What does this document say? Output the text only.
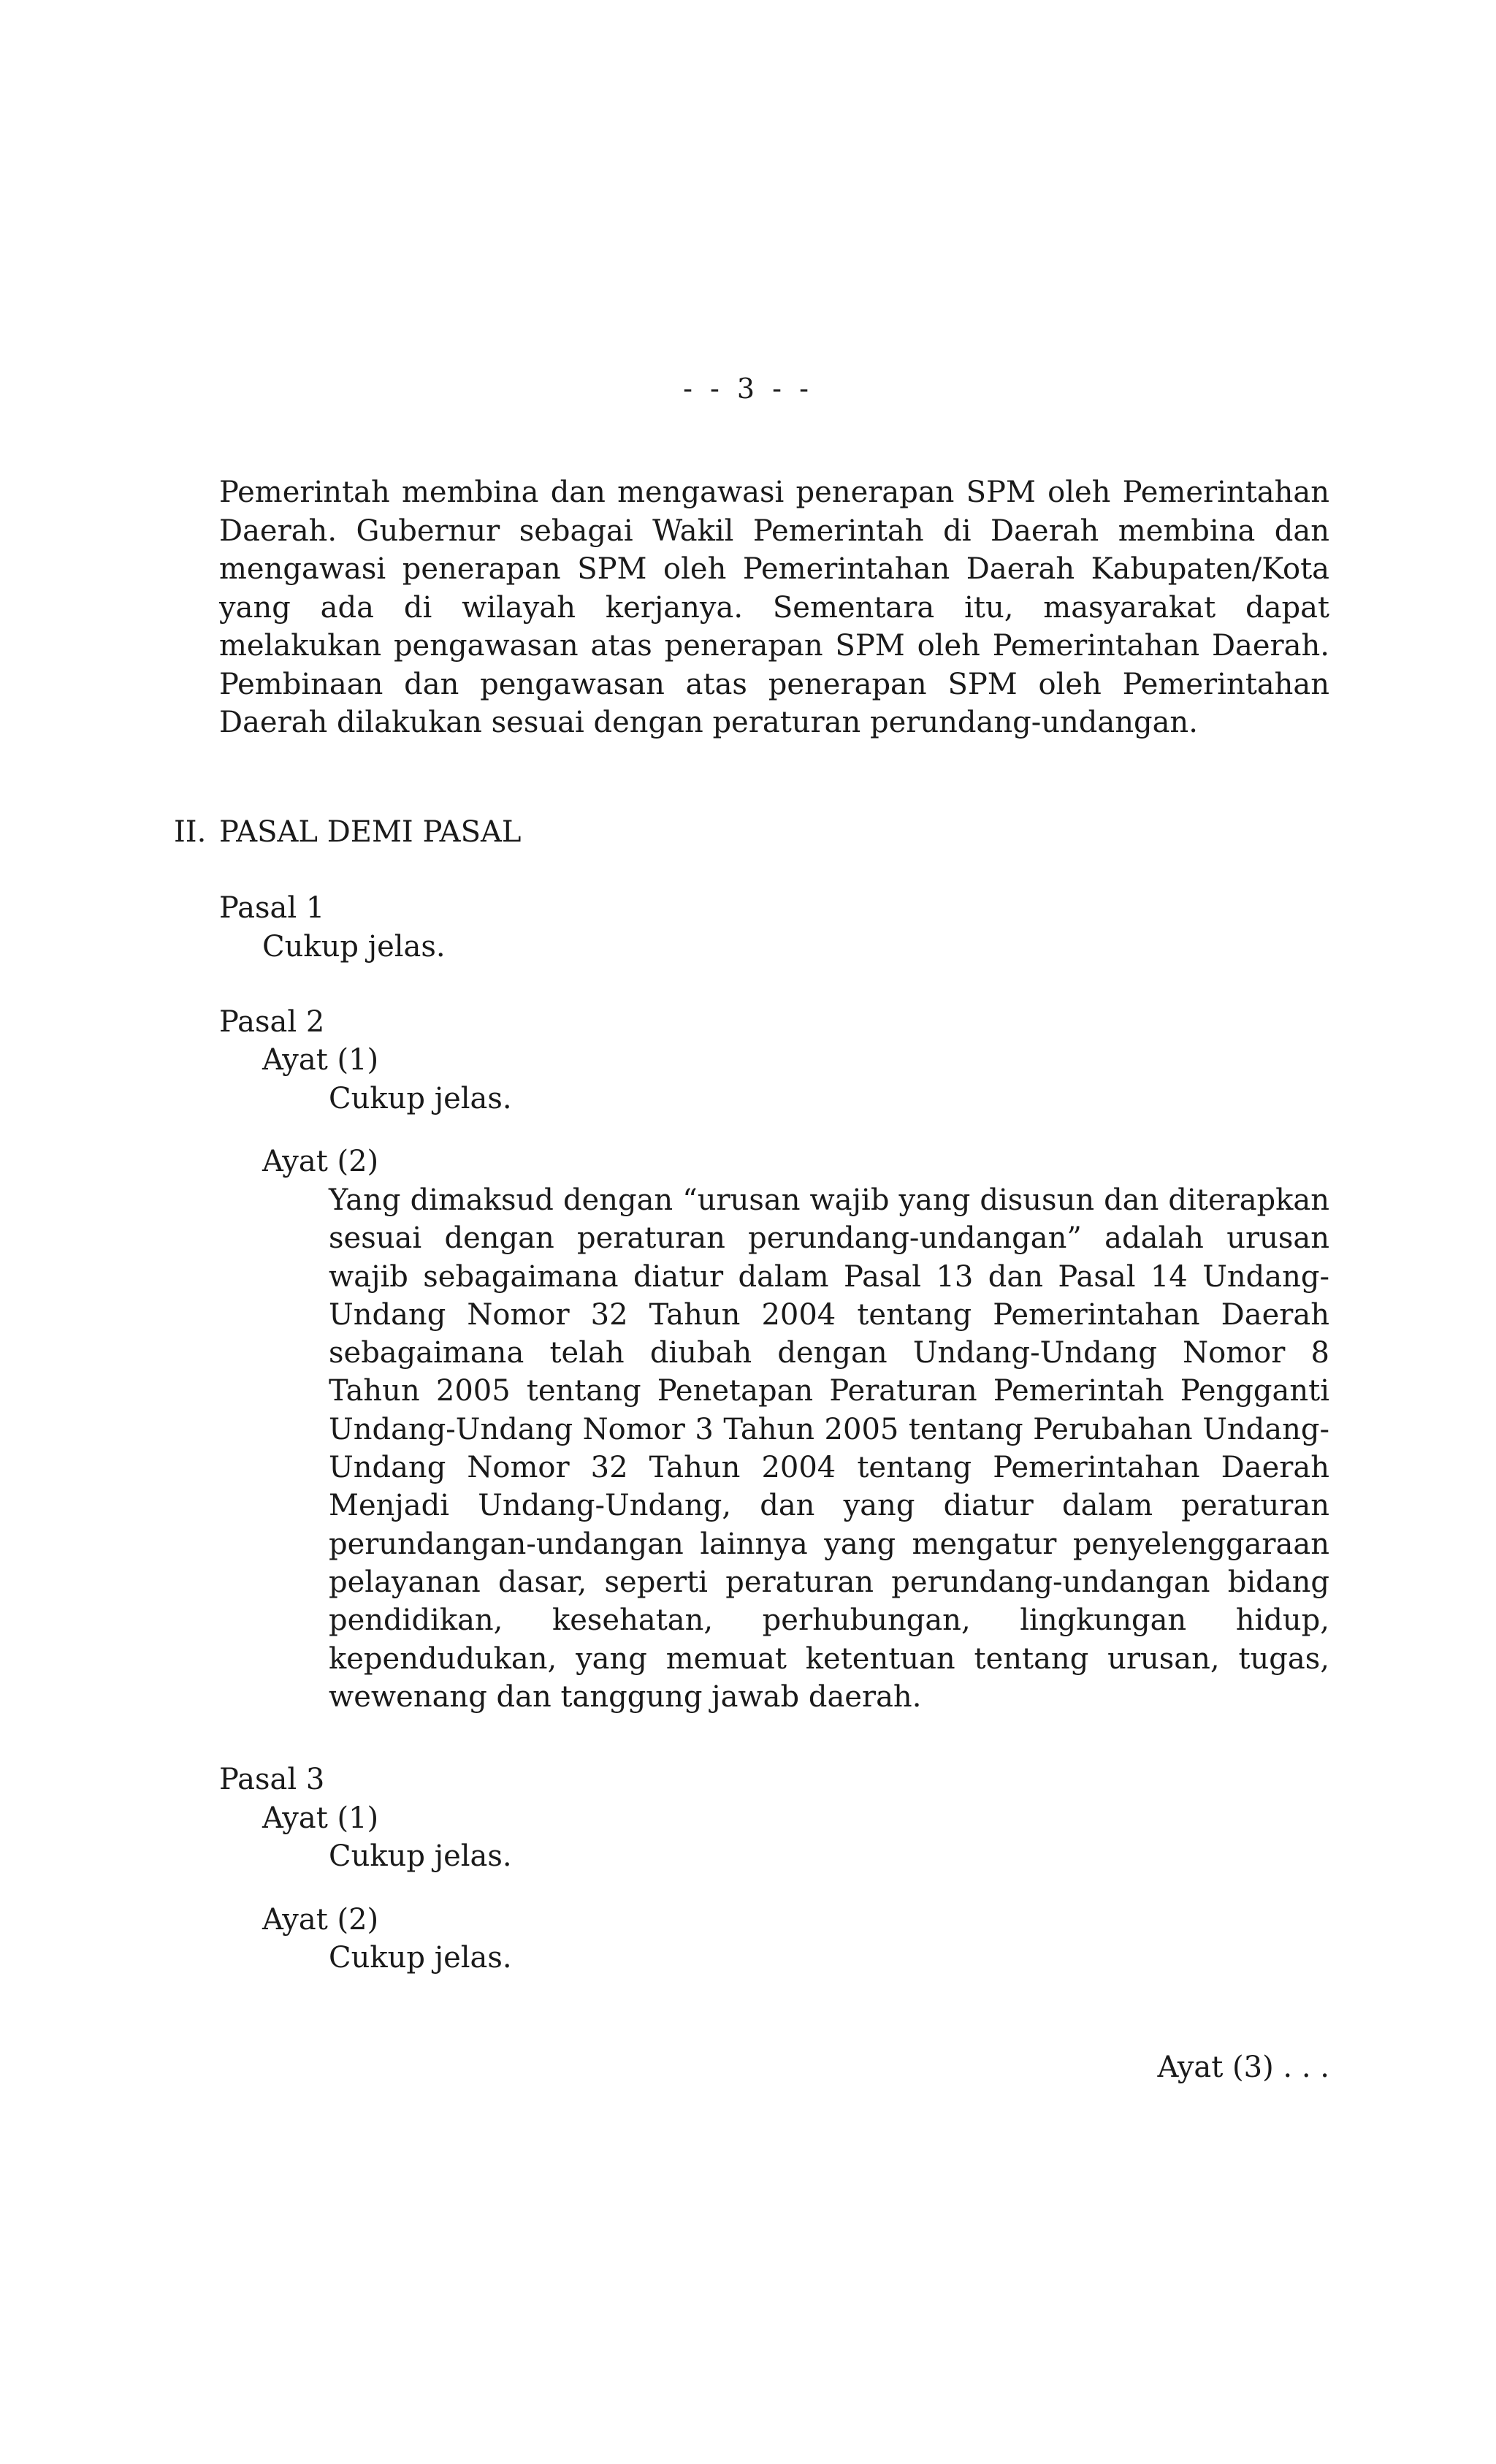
- - 3 - -

Pemerintah membina dan mengawasi penerapan SPM oleh Pemerintahan Daerah. Gubernur sebagai Wakil Pemerintah di Daerah membina dan mengawasi penerapan SPM oleh Pemerintahan Daerah Kabupaten/Kota yang ada di wilayah kerjanya. Sementara itu, masyarakat dapat melakukan pengawasan atas penerapan SPM oleh Pemerintahan Daerah. Pembinaan dan pengawasan atas penerapan SPM oleh Pemerintahan Daerah dilakukan sesuai dengan peraturan perundang-undangan.

II. PASAL DEMI PASAL
Pasal 1
Cukup jelas.
Pasal 2
Ayat (1)
Cukup jelas.
Ayat (2)

Yang dimaksud dengan “urusan wajib yang disusun dan diterapkan sesuai dengan peraturan perundang-undangan” adalah urusan wajib sebagaimana diatur dalam Pasal 13 dan Pasal 14 Undang-Undang Nomor 32 Tahun 2004 tentang Pemerintahan Daerah sebagaimana telah diubah dengan Undang-Undang Nomor 8 Tahun 2005 tentang Penetapan Peraturan Pemerintah Pengganti Undang-Undang Nomor 3 Tahun 2005 tentang Perubahan Undang-Undang Nomor 32 Tahun 2004 tentang Pemerintahan Daerah Menjadi Undang-Undang, dan yang diatur dalam peraturan perundangan-undangan lainnya yang mengatur penyelenggaraan pelayanan dasar, seperti peraturan perundang-undangan bidang pendidikan, kesehatan, perhubungan, lingkungan hidup, kependudukan, yang memuat ketentuan tentang urusan, tugas, wewenang dan tanggung jawab daerah.

Pasal 3
Ayat (1)
Cukup jelas.
Ayat (2)
Cukup jelas.
Ayat (3) . . .
